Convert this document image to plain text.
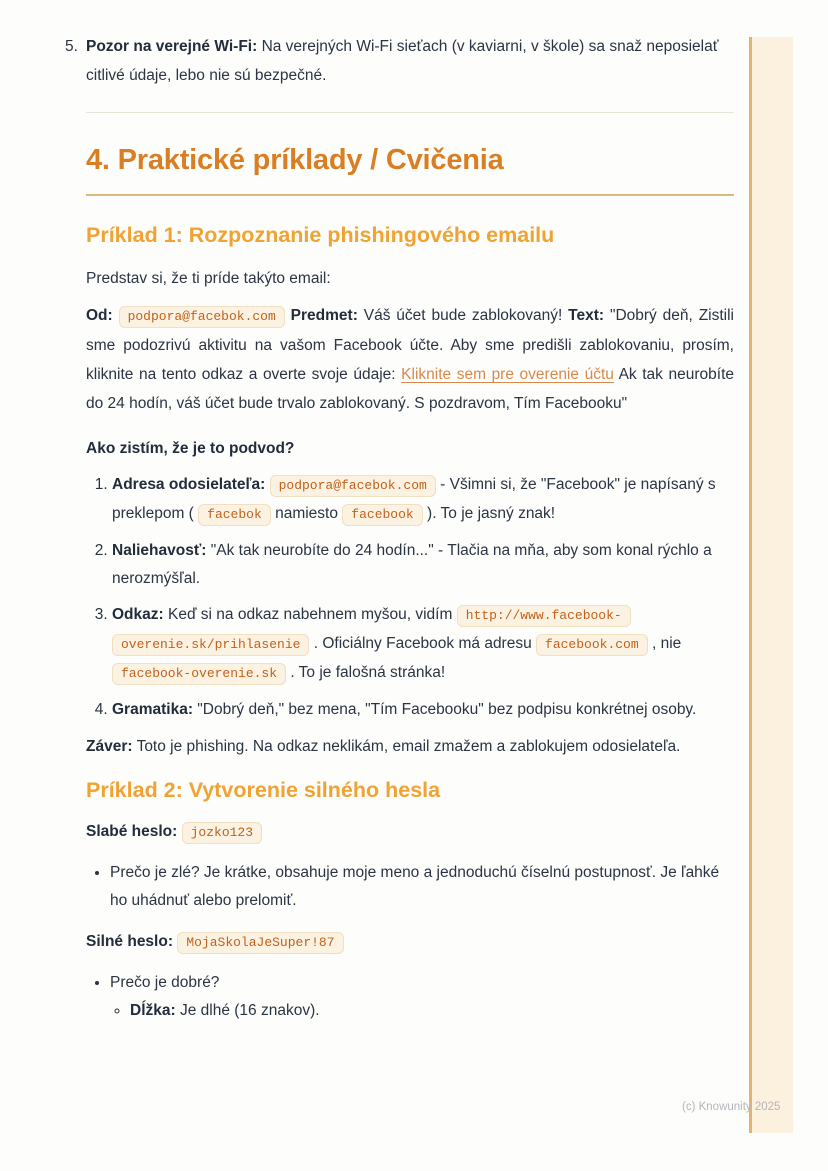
(c) Knowunity 2025
5. Pozor na verejné Wi-Fi: Na verejných Wi-Fi sieťach (v kaviarni, v škole) sa snaž neposielať citlivé údaje, lebo nie sú bezpečné.
4. Praktické príklady / Cvičenia
Príklad 1: Rozpoznanie phishingového emailu

Predstav si, že ti príde takýto email:

Od: podpora@facebok.com Predmet: Váš účet bude zablokovaný! Text: "Dobrý deň, Zistili sme podozrivú aktivitu na vašom Facebook účte. Aby sme predišli zablokovaniu, prosím, kliknite na tento odkaz a overte svoje údaje: Kliknite sem pre overenie účtu Ak tak neurobíte do 24 hodín, váš účet bude trvalo zablokovaný. S pozdravom, Tím Facebooku"

Ako zistím, že je to podvod?

1. Adresa odosielateľa: podpora@facebok.com - Všimni si, že "Facebook" je napísaný s preklepom ( facebok namiesto facebook ). To je jasný znak!
2. Naliehavosť: "Ak tak neurobíte do 24 hodín..." - Tlačia na mňa, aby som konal rýchlo a nerozmýšľal.
3. Odkaz: Keď si na odkaz nabehnem myšou, vidím http://www.facebook-overenie.sk/prihlasenie . Oficiálny Facebook má adresu facebook.com , nie facebook-overenie.sk . To je falošná stránka!
4. Gramatika: "Dobrý deň," bez mena, "Tím Facebooku" bez podpisu konkrétnej osoby.

Záver: Toto je phishing. Na odkaz neklikám, email zmažem a zablokujem odosielateľa.

Príklad 2: Vytvorenie silného hesla

Slabé heslo: jozko123

• Prečo je zlé? Je krátke, obsahuje moje meno a jednoduchú číselnú postupnosť. Je ľahké ho uhádnuť alebo prelomiť.

Silné heslo: MojaSkolaJeSuper!87

• Prečo je dobré?
◦ Dĺžka: Je dlhé (16 znakov).
